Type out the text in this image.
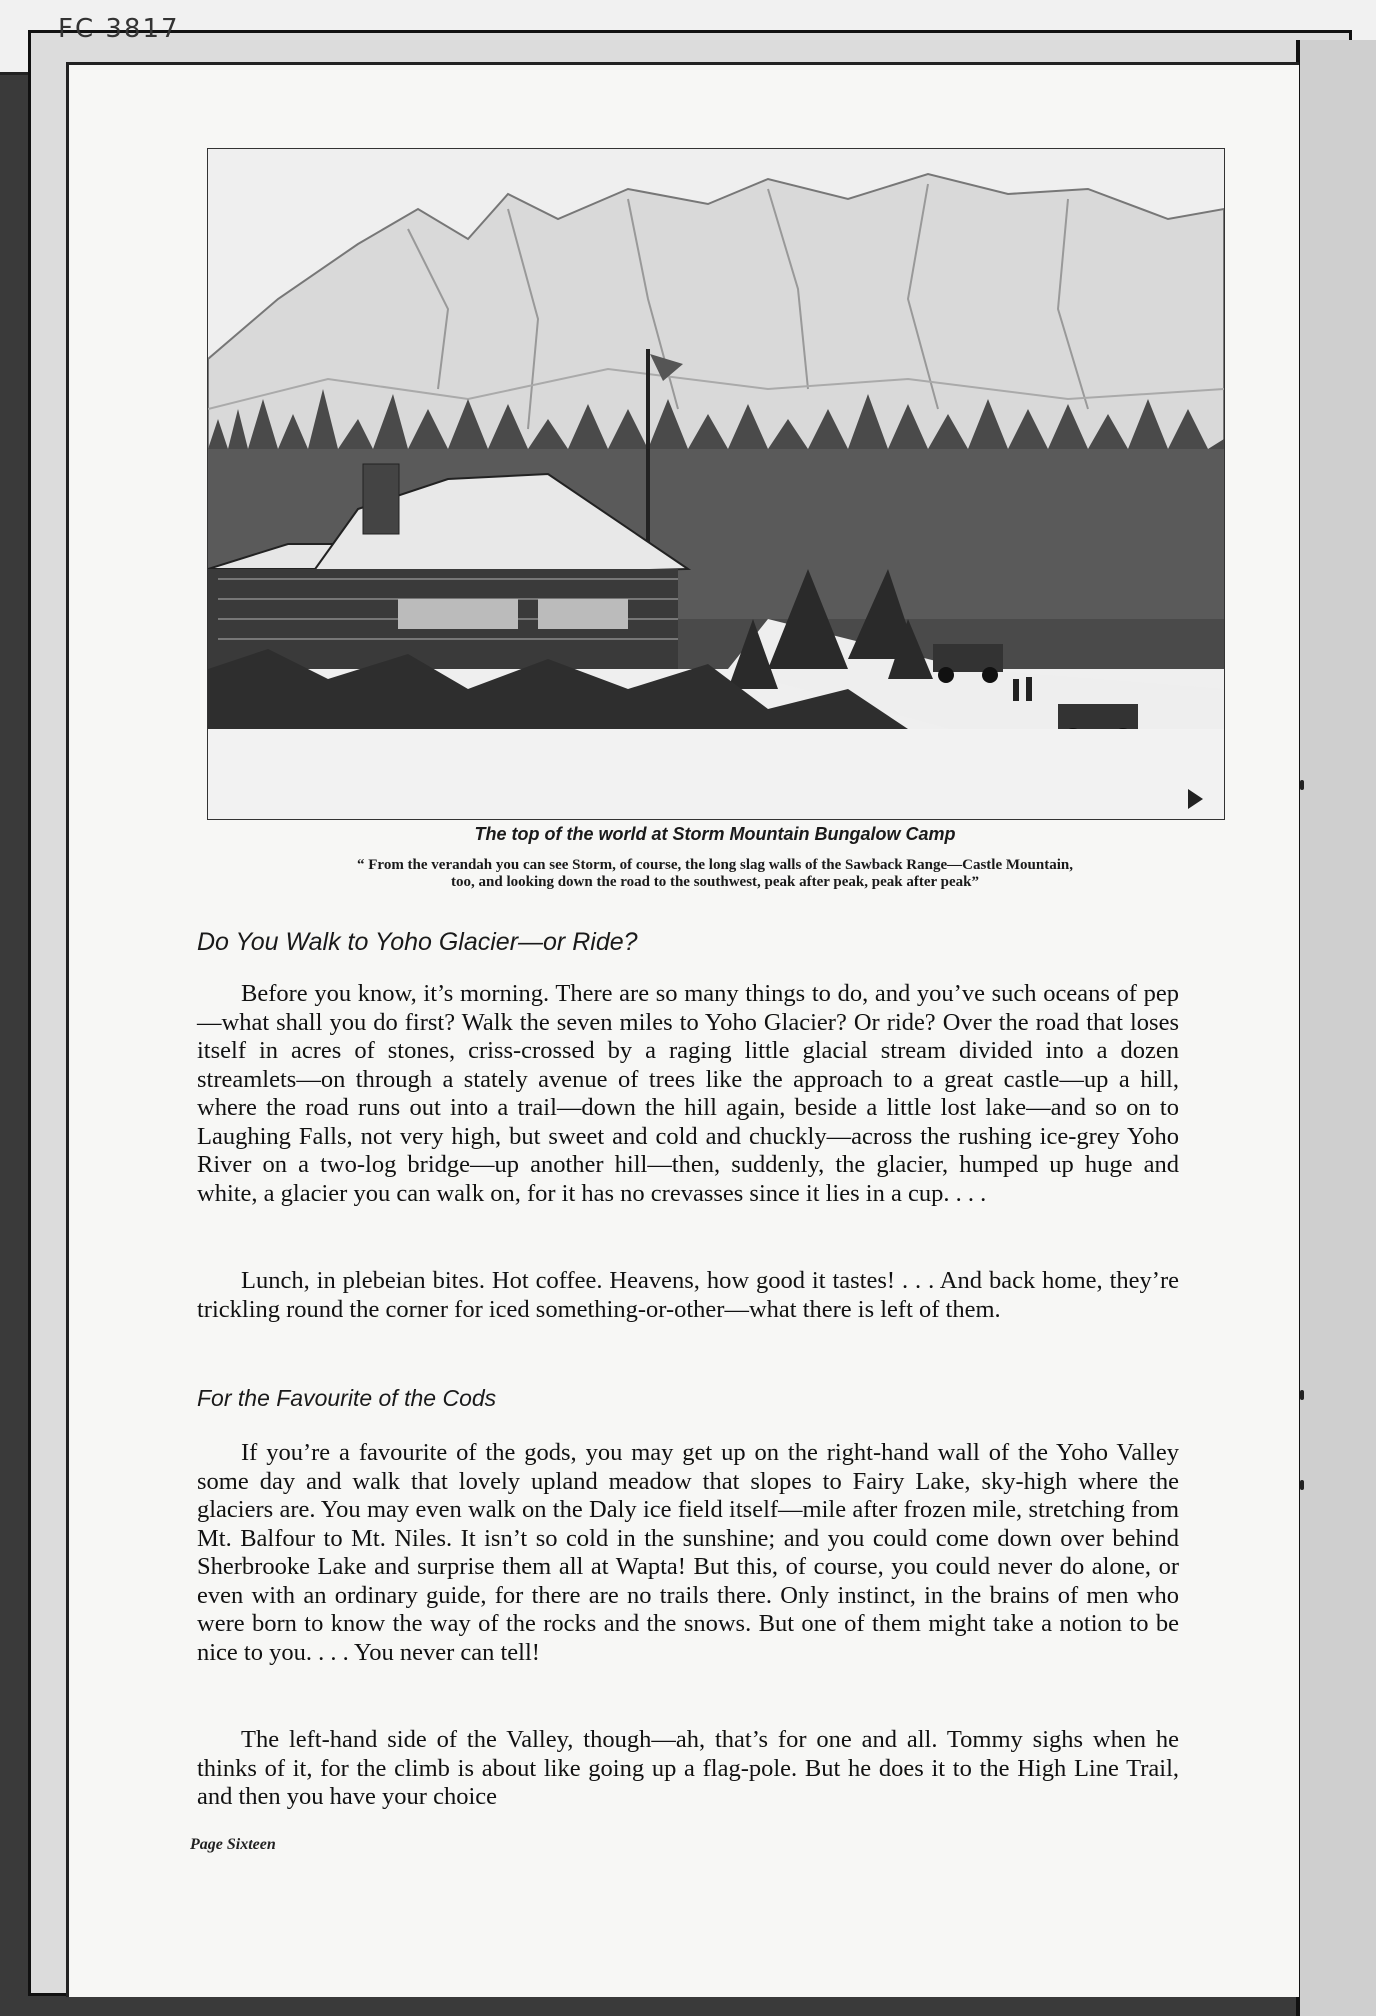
FC 3817
The top of the world at Storm Mountain Bungalow Camp
“ From the verandah you can see Storm, of course, the long slag walls of the Sawback Range—Castle Mountain,
too, and looking down the road to the southwest, peak after peak, peak after peak”
Do You Walk to Yoho Glacier—or Ride?

Before you know, it’s morning. There are so many things to do, and you’ve such oceans of pep—what shall you do first? Walk the seven miles to Yoho Glacier? Or ride? Over the road that loses itself in acres of stones, criss-crossed by a raging little glacial stream divided into a dozen streamlets—on through a stately avenue of trees like the approach to a great castle—up a hill, where the road runs out into a trail—down the hill again, beside a little lost lake—and so on to Laughing Falls, not very high, but sweet and cold and chuckly—across the rushing ice-grey Yoho River on a two-log bridge—up another hill—then, suddenly, the glacier, humped up huge and white, a glacier you can walk on, for it has no crevasses since it lies in a cup. . . .

Lunch, in plebeian bites. Hot coffee. Heavens, how good it tastes! . . . And back home, they’re trickling round the corner for iced something-or-other—what there is left of them.

For the Favourite of the Cods

If you’re a favourite of the gods, you may get up on the right-hand wall of the Yoho Valley some day and walk that lovely upland meadow that slopes to Fairy Lake, sky-high where the glaciers are. You may even walk on the Daly ice field itself—mile after frozen mile, stretching from Mt. Balfour to Mt. Niles. It isn’t so cold in the sunshine; and you could come down over behind Sherbrooke Lake and surprise them all at Wapta! But this, of course, you could never do alone, or even with an ordinary guide, for there are no trails there. Only instinct, in the brains of men who were born to know the way of the rocks and the snows. But one of them might take a notion to be nice to you. . . . You never can tell!

The left-hand side of the Valley, though—ah, that’s for one and all. Tommy sighs when he thinks of it, for the climb is about like going up a flag-pole. But he does it to the High Line Trail, and then you have your choice

Page Sixteen
